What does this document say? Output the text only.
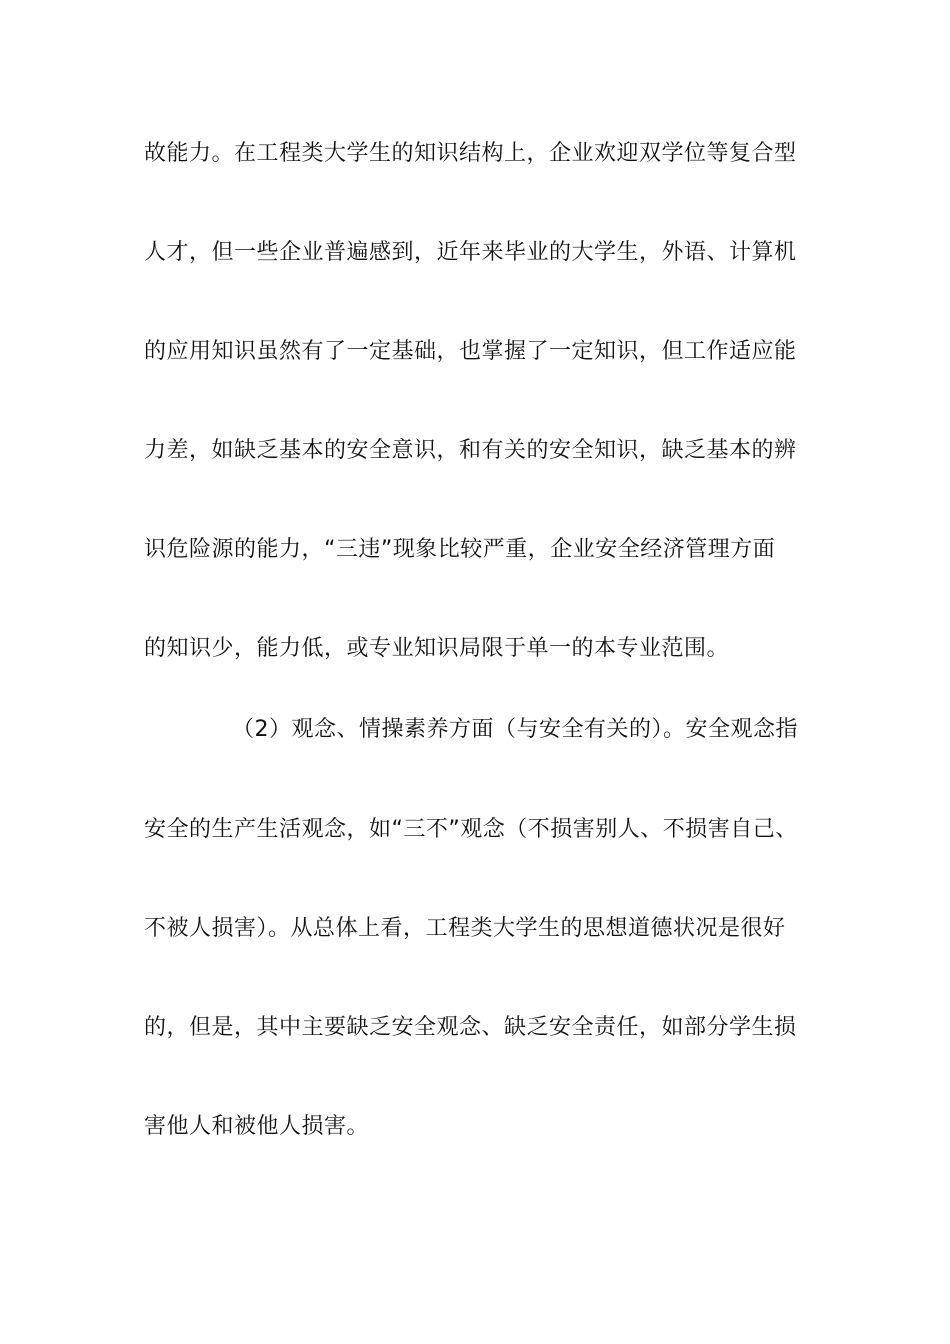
故能力。在工程类大学生的知识结构上，企业欢迎双学位等复合型
人才，但一些企业普遍感到，近年来毕业的大学生，外语、计算机
的应用知识虽然有了一定基础，也掌握了一定知识，但工作适应能
力差，如缺乏基本的安全意识，和有关的安全知识，缺乏基本的辨
识危险源的能力，“三违”现象比较严重，企业安全经济管理方面
的知识少，能力低，或专业知识局限于单一的本专业范围。
（2）观念、情操素养方面（与安全有关的）。安全观念指
安全的生产生活观念，如“三不”观念（不损害别人、不损害自己、
不被人损害）。从总体上看，工程类大学生的思想道德状况是很好
的，但是，其中主要缺乏安全观念、缺乏安全责任，如部分学生损
害他人和被他人损害。
